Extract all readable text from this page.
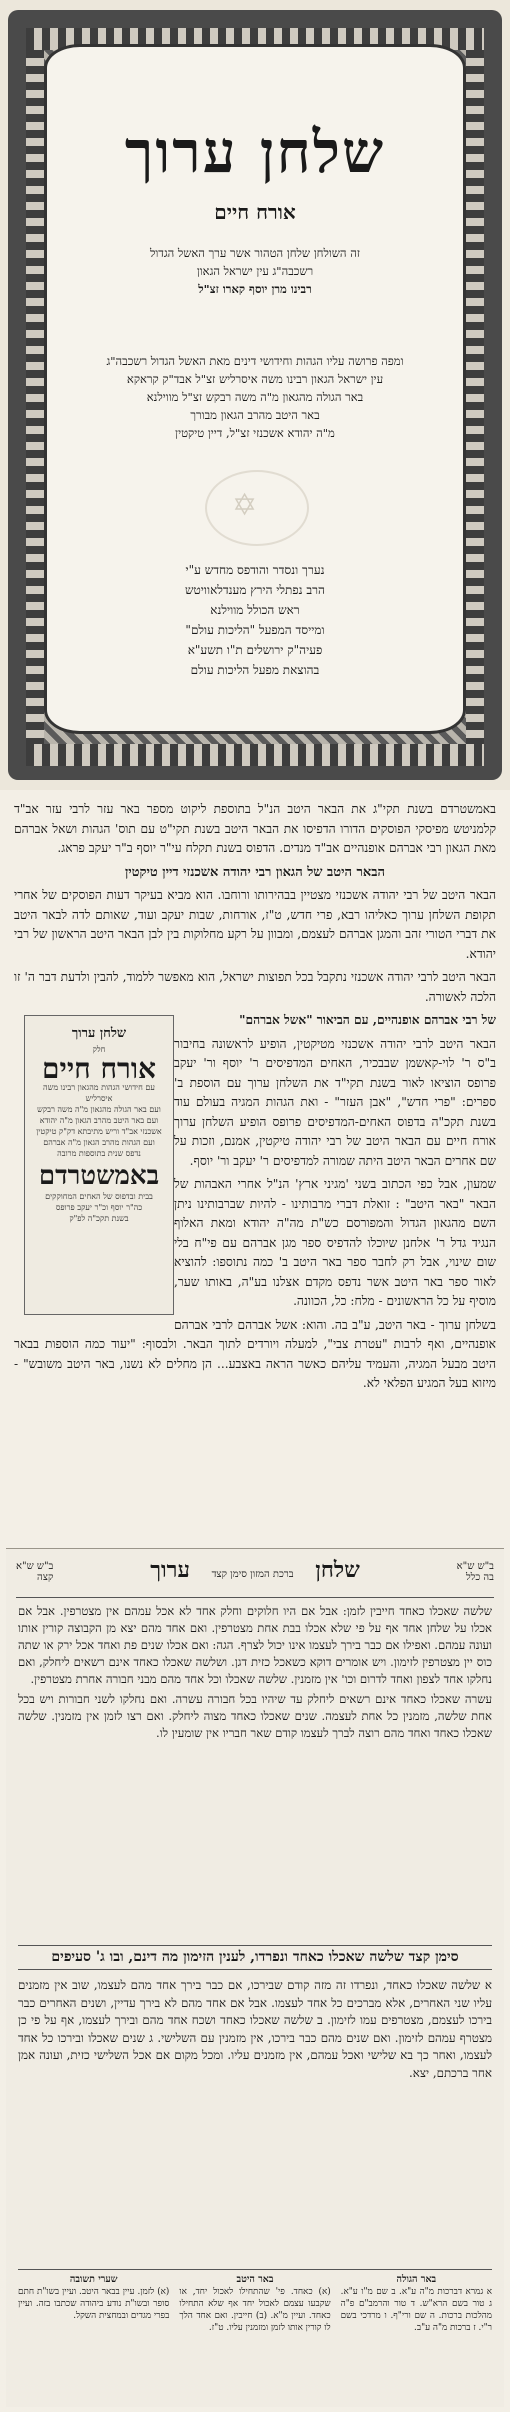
שלחן ערוך
אורח חיים
זה השולחן שלחן הטהור אשר ערך האשל הגדול
רשכבה"ג עין ישראל הגאון
רבינו מרן יוסף קארו זצ"ל
ומפה פרושה עליו הגהות וחידושי דינים מאת האשל הגדול רשכבה"ג
עין ישראל הגאון רבינו משה איסרליש זצ"ל אבד"ק קראקא
באר הגולה מהגאון מ"ה משה רבקש זצ"ל מווילנא
באר היטב מהרב הגאון מבורך
מ"ה יהודא אשכנזי זצ"ל, דיין טיקטין
✡
נערך ונסדר והודפס מחדש ע"י
הרב נפתלי הירץ מענדלאוויטש
ראש הכולל מווילנא
ומייסד המפעל "הליכות עולם"
פעיה"ק ירושלים ת"ו תשע"א
בהוצאת מפעל הליכות עולם

באמשטרדם בשנת תקי"ג את הבאר היטב הנ"ל בתוספת ליקוט מספר באר עזר לרבי עזר אב"ד קלמניטש מפיסקי הפוסקים הדורו הדפיסו את הבאר היטב בשנת תקי"ט עם תוס' הגהות ושאל אברהם מאת הגאון רבי אברהם אופנהיים אב"ד מנדים. הדפוס בשנת תקלח עי"ר יוסף ב"ר יעקב פראג.

הבאר היטב של הגאון רבי יהודה אשכנזי דיין טיקטין

הבאר היטב של רבי יהודה אשכנזי מצטיין בבהירותו ורוחבו. הוא מביא בעיקר דעות הפוסקים של אחרי תקופת השלחן ערוך כאליהו רבא, פרי חדש, ט"ז, אורחות, שבות יעקב ועוד, שאותם לדה לבאר היטב את דברי הטורי זהב והמגן אברהם לעצמם, ומבוון על רקע מחלוקות בין לבן הבאר היטב הראשון של רבי יהודא.

הבאר היטב לרבי יהודה אשכנזי נתקבל בכל תפוצות ישראל, הוא מאפשר ללמוד, להבין ולדעת דבר ה' זו הלכה לאשורה.

שלחן ערוך
חלק
אורח חיים
עם חידושי הגהות מהגאון רבינו משה איסרליש
ועם באר הגולה מהגאון מ"ה משה רבקש
ועם באר היטב מהרב הגאון מ"ה יהודא
אשכנזי אב"ד וריש מתיבתא דק"ק טיקטין
ועם הגהות מהרב הגאון מ"ה אברהם
נדפס שנית בתוספות מרובה
באמשטרדם
בבית ובדפוס של האחים המחוקקים
כה"ר יוסף וכ"ר יעקב פרופס
בשנת תקכ"ה לפ"ק

של רבי אברהם אופנהיים, עם הביאור "אשל אברהם"

הבאר היטב לרבי יהודה אשכנזי מטיקטין, הופיע לראשונה בחיבור ב"ס ר' לוי-קאשמן שבבכיר, האחים המדפיסים ר' יוסף ור' יעקב פרופס הוציאו לאור בשנת תקי"ד את השלחן ערוך עם הוספת ב' ספרים: "פרי חדש", "אבן העזר" - ואת הגהות המגיה בעולם עוד בשנת תקכ"ה בדפוס האחים-המדפיסים פרופס הופיע השלחן ערוך אורח חיים עם הבאר היטב של רבי יהודה טיקטין, אמנם, וזכות על שם אחרים הבאר היטב היתה שמורה למדפיסים ר' יעקב ור' יוסף.

שמעון, אבל כפי הכתוב בשני 'מגיני ארץ' הנ"ל אחרי האבהות של הבאר "באר היטב" : זואלת דברי מרבותינו - להיות שברבותינו ניתן השם מהגאון הגדול והמפורסם כש"ת מה"ה יהודא ומאת האלוף הנגיד גדל ר' אלחנן שיוכלו להדפיס ספר מגן אברהם עם פי"ח בלי שום שינוי, אבל רק לחבר ספר באר היטב ב' כמה נתוספו: להוציא לאור ספר באר היטב אשר נדפס מקדם אצלנו בע"ה, באותו שער, מוסיף על כל הראשונים - מלח: כל, הכוונה.

בשלחן ערוך - באר היטב, ע"ב בה. והוא: אשל אברהם לרבי אברהם אופנהיים, ואף לרבות "עטרת צבי", למעלה ויורדים לתוך הבאר. ולבסוף: "יעוד כמה הוספות בבאר היטב מבעל המגיה, והעמיד עליהם כאשר הראה באצבע... הן מחלים לא נשנו, באר היטב משובש" - מיזוא בעל המגיע הפלאי לא.

ב"ש ש"א
בה כלל
שלחן ברכת המזון סימן קצד ערוך
ב"ש ש"א
קצה

שלשה שאכלו כאחד חייבין לזמן: אבל אם היו חלוקים וחלק אחד לא אכל עמהם אין מצטרפין. אבל אם אכלו על שלחן אחד אף על פי שלא אכלו בבת אחת מצטרפין. ואם אחד מהם יצא מן הקבוצה קורין אותו ועונה עמהם. ואפילו אם כבר בירך לעצמו אינו יכול לצרף. הגה: ואם אכלו שנים פת ואחד אכל ירק או שתה כוס יין מצטרפין לזימון. ויש אומרים דוקא כשאכל כזית דגן. ושלשה שאכלו כאחד אינם רשאים ליחלק, ואם נחלקו אחד לצפון ואחד לדרום וכו' אין מזמנין. שלשה שאכלו וכל אחד מהם מבני חבורה אחרת מצטרפין.

עשרה שאכלו כאחד אינם רשאים ליחלק עד שיהיו בכל חבורה עשרה. ואם נחלקו לשני חבורות ויש בכל אחת שלשה, מזמנין כל אחת לעצמה. שנים שאכלו כאחד מצוה ליחלק. ואם רצו לזמן אין מזמנין. שלשה שאכלו כאחד ואחד מהם רוצה לברך לעצמו קודם שאר חבריו אין שומעין לו.

סימן קצד שלשה שאכלו כאחד ונפרדו, לענין הזימון מה דינם, ובו ג' סעיפים

א שלשה שאכלו כאחד, ונפרדו זה מזה קודם שבירכו, אם כבר בירך אחד מהם לעצמו, שוב אין מזמנים עליו שני האחרים, אלא מברכים כל אחד לעצמו. אבל אם אחד מהם לא בירך עדיין, ושנים האחרים כבר בירכו לעצמם, מצטרפים עמו לזימון. ב שלשה שאכלו כאחד ושכח אחד מהם ובירך לעצמו, אף על פי כן מצטרף עמהם לזימון. ואם שנים מהם כבר בירכו, אין מזמנין עם השלישי. ג שנים שאכלו ובירכו כל אחד לעצמו, ואחר כך בא שלישי ואכל עמהם, אין מזמנים עליו. ומכל מקום אם אכל השלישי כזית, ועונה אמן אחר ברכתם, יצא.

באר הגולה
א גמרא דברכות מ"ה ע"א. ב שם מ"ו ע"א. ג טור בשם הרא"ש. ד טור והרמב"ם פ"ה מהלכות ברכות. ה שם ורי"ף. ו מרדכי בשם ר"י. ז ברכות מ"ה ע"ב.
באר היטב
(א) כאחד. פי' שהתחילו לאכול יחד, או שקבעו עצמם לאכול יחד אף שלא התחילו כאחד. ועיין מ"א. (ב) חייבין. ואם אחד הלך לו קורין אותו לזמן ומזמנין עליו. ט"ז.
שערי תשובה
(א) לזמן. עיין בבאר היטב. ועיין בשו"ת חתם סופר ובשו"ת נודע ביהודה שכתבו בזה. ועיין בפרי מגדים ובמחצית השקל.
